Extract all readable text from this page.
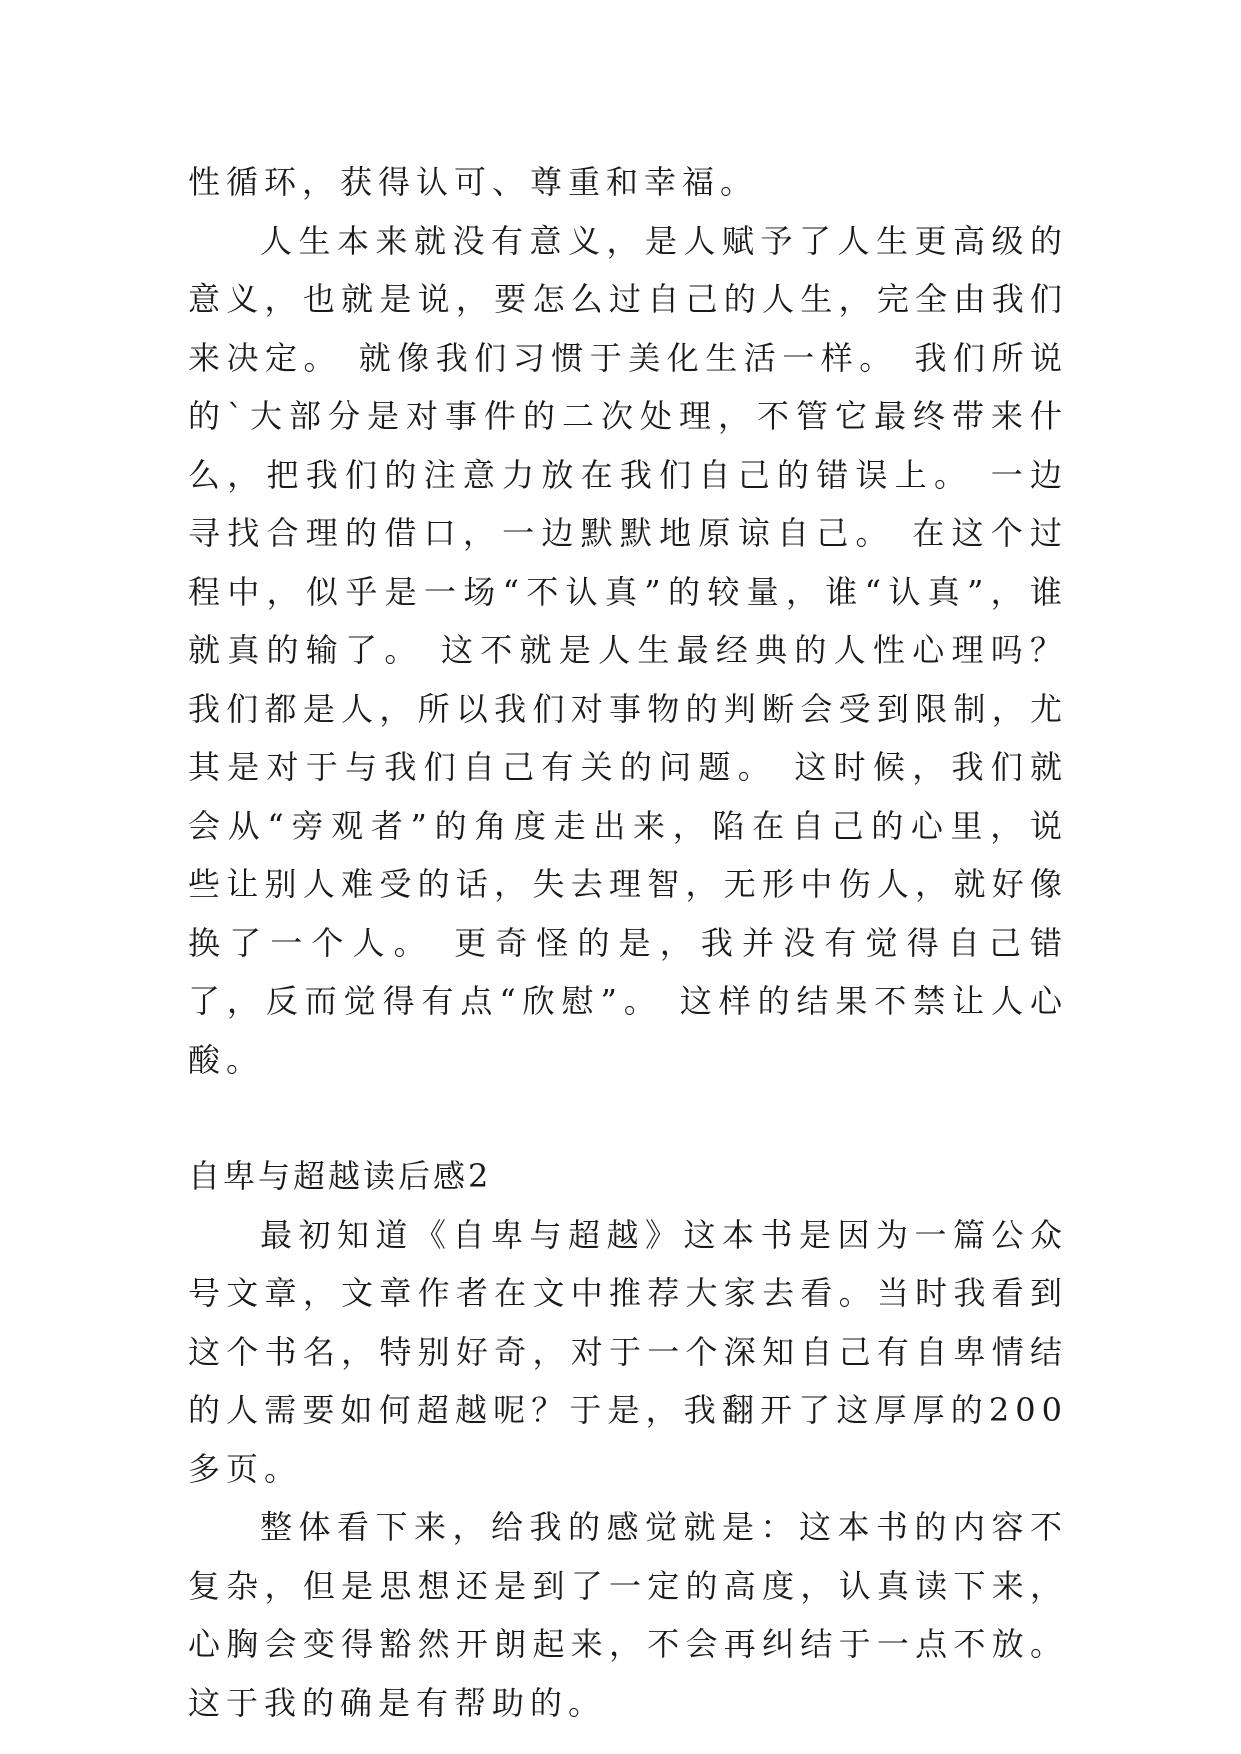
性循环，获得认可、尊重和幸福。

人生本来就没有意义，是人赋予了人生更高级的意义，也就是说，要怎么过自己的人生，完全由我们来决定。 就像我们习惯于美化生活一样。 我们所说的`大部分是对事件的二次处理，不管它最终带来什么，把我们的注意力放在我们自己的错误上。 一边寻找合理的借口，一边默默地原谅自己。 在这个过程中，似乎是一场“不认真”的较量，谁“认真”，谁就真的输了。 这不就是人生最经典的人性心理吗？ 我们都是人，所以我们对事物的判断会受到限制，尤其是对于与我们自己有关的问题。 这时候，我们就会从“旁观者”的角度走出来，陷在自己的心里，说些让别人难受的话，失去理智，无形中伤人，就好像换了一个人。 更奇怪的是，我并没有觉得自己错了，反而觉得有点“欣慰”。 这样的结果不禁让人心酸。

自卑与超越读后感2

最初知道《自卑与超越》这本书是因为一篇公众号文章，文章作者在文中推荐大家去看。当时我看到这个书名，特别好奇，对于一个深知自己有自卑情结的人需要如何超越呢？于是，我翻开了这厚厚的200多页。

整体看下来，给我的感觉就是：这本书的内容不复杂，但是思想还是到了一定的高度，认真读下来，心胸会变得豁然开朗起来，不会再纠结于一点不放。这于我的确是有帮助的。
